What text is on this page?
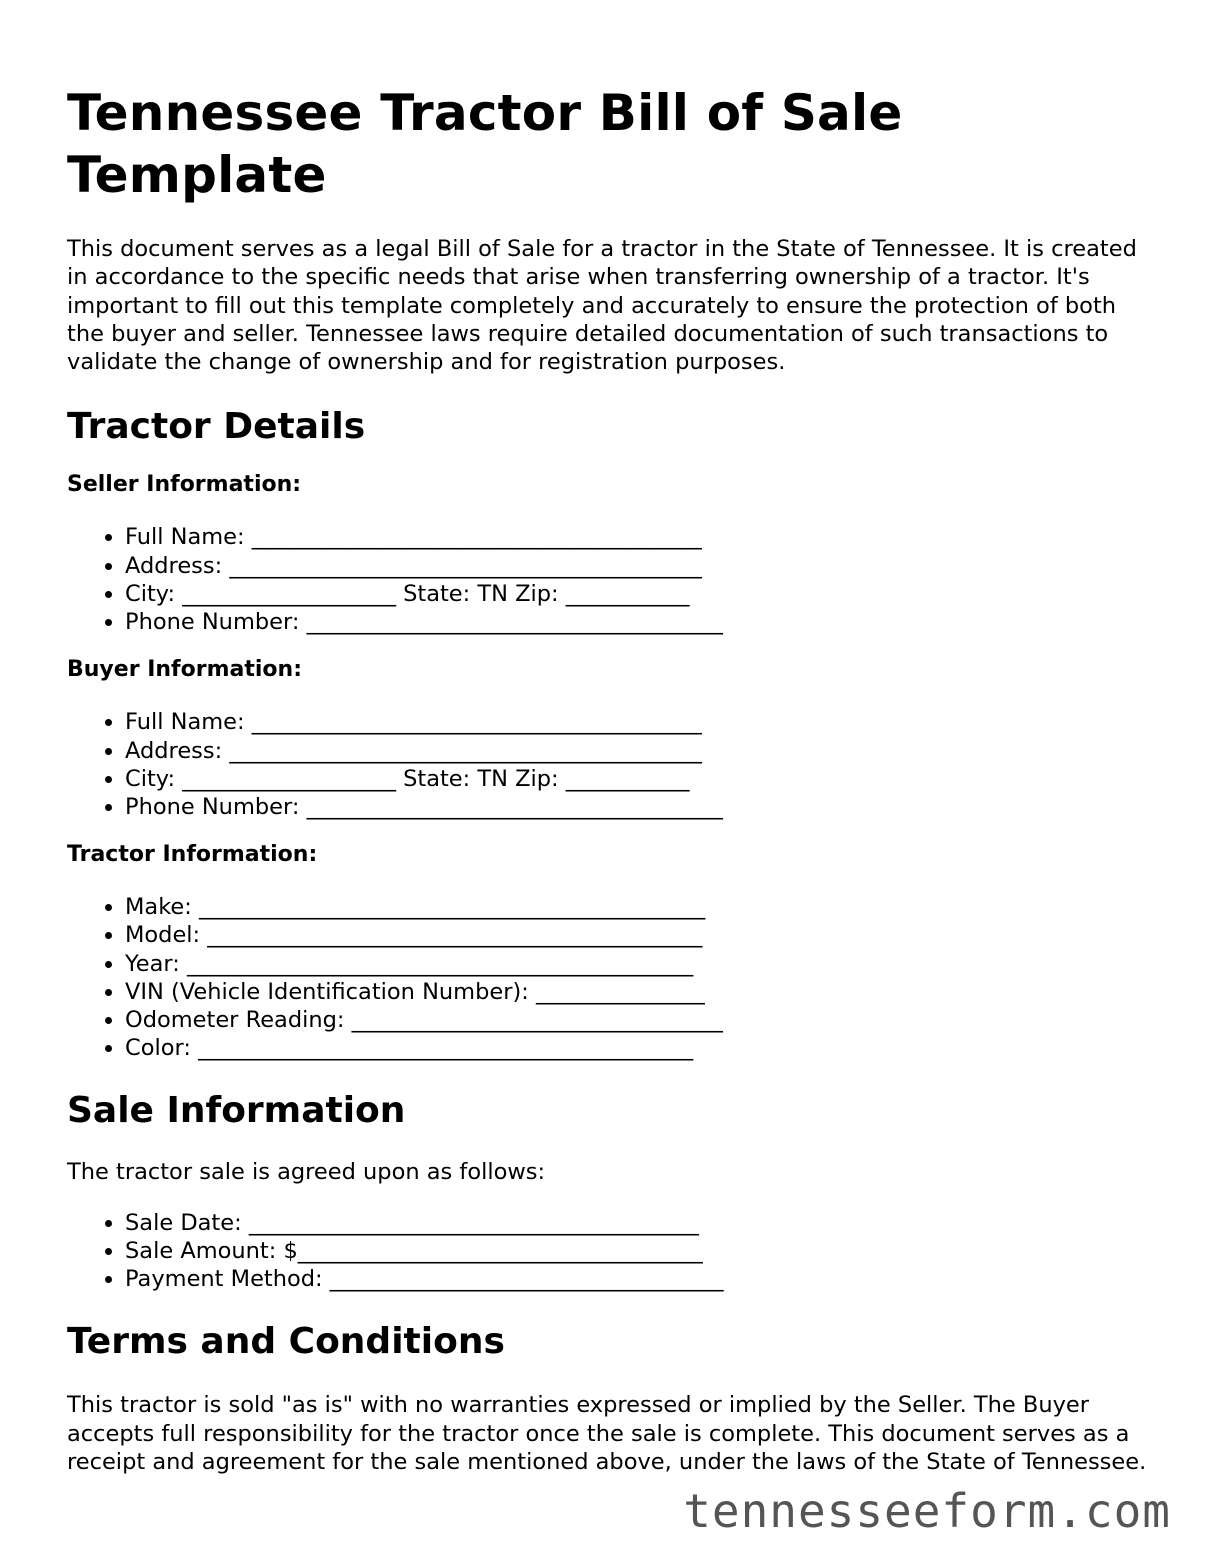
Tennessee Tractor Bill of Sale Template

This document serves as a legal Bill of Sale for a tractor in the State of Tennessee. It is created in accordance to the specific needs that arise when transferring ownership of a tractor. It's important to fill out this template completely and accurately to ensure the protection of both the buyer and seller. Tennessee laws require detailed documentation of such transactions to validate the change of ownership and for registration purposes.

Tractor Details
Seller Information:
• Full Name: ________________________________________
• Address: __________________________________________
• City: ___________________ State: TN Zip: ___________
• Phone Number: _____________________________________
Buyer Information:
• Full Name: ________________________________________
• Address: __________________________________________
• City: ___________________ State: TN Zip: ___________
• Phone Number: _____________________________________
Tractor Information:
• Make: _____________________________________________
• Model: ____________________________________________
• Year: _____________________________________________
• VIN (Vehicle Identification Number): _______________
• Odometer Reading: _________________________________
• Color: ____________________________________________
Sale Information

The tractor sale is agreed upon as follows:

• Sale Date: ________________________________________
• Sale Amount: $____________________________________
• Payment Method: ___________________________________
Terms and Conditions

This tractor is sold "as is" with no warranties expressed or implied by the Seller. The Buyer accepts full responsibility for the tractor once the sale is complete. This document serves as a receipt and agreement for the sale mentioned above, under the laws of the State of Tennessee.

tennesseeform.com
